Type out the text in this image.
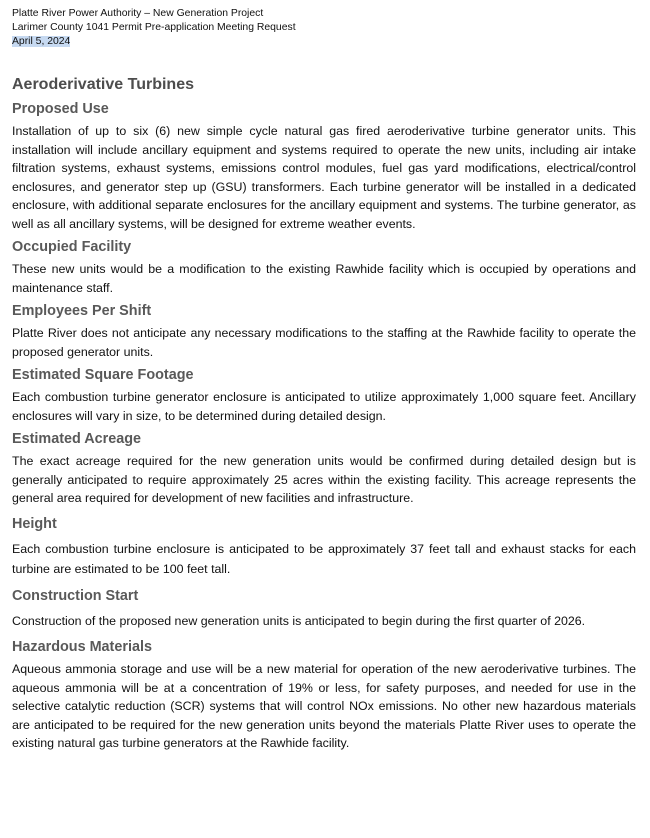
Platte River Power Authority – New Generation Project
Larimer County 1041 Permit Pre-application Meeting Request
April 5, 2024
Aeroderivative Turbines
Proposed Use

Installation of up to six (6) new simple cycle natural gas fired aeroderivative turbine generator units. This installation will include ancillary equipment and systems required to operate the new units, including air intake filtration systems, exhaust systems, emissions control modules, fuel gas yard modifications, electrical/control enclosures, and generator step up (GSU) transformers. Each turbine generator will be installed in a dedicated enclosure, with additional separate enclosures for the ancillary equipment and systems. The turbine generator, as well as all ancillary systems, will be designed for extreme weather events.

Occupied Facility

These new units would be a modification to the existing Rawhide facility which is occupied by operations and maintenance staff.

Employees Per Shift

Platte River does not anticipate any necessary modifications to the staffing at the Rawhide facility to operate the proposed generator units.

Estimated Square Footage

Each combustion turbine generator enclosure is anticipated to utilize approximately 1,000 square feet. Ancillary enclosures will vary in size, to be determined during detailed design.

Estimated Acreage

The exact acreage required for the new generation units would be confirmed during detailed design but is generally anticipated to require approximately 25 acres within the existing facility. This acreage represents the general area required for development of new facilities and infrastructure.

Height

Each combustion turbine enclosure is anticipated to be approximately 37 feet tall and exhaust stacks for each turbine are estimated to be 100 feet tall.

Construction Start

Construction of the proposed new generation units is anticipated to begin during the first quarter of 2026.

Hazardous Materials

Aqueous ammonia storage and use will be a new material for operation of the new aeroderivative turbines. The aqueous ammonia will be at a concentration of 19% or less, for safety purposes, and needed for use in the selective catalytic reduction (SCR) systems that will control NOx emissions. No other new hazardous materials are anticipated to be required for the new generation units beyond the materials Platte River uses to operate the existing natural gas turbine generators at the Rawhide facility.
